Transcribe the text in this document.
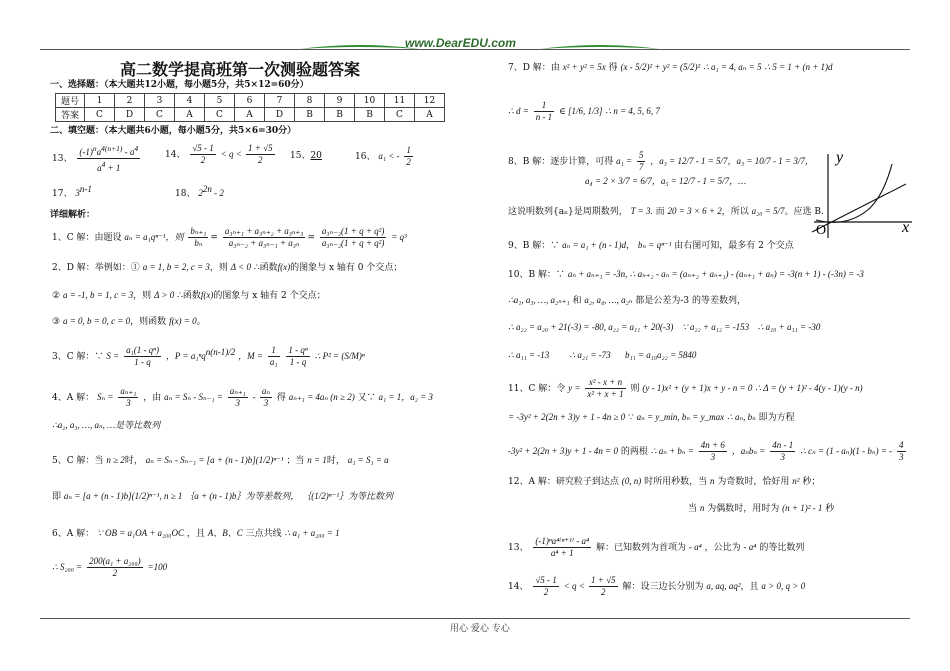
www.DearEDU.com
高二数学提高班第一次测验题答案
一、选择题：（本大题共12小题，每小题5分，共5×12=60分）
题号	1	2	3	4	5	6	7	8	9	10	11	12
答案	C	D	C	A	C	A	D	B	B	B	C	A
二、填空题：（本大题共6小题，每小题5分，共5×6=30分）
13、 $\frac{(-1)^na^{4(n+1)} - a^4}{a^4 + 1}$	14、 $\frac{√5 - 1}{2} < q < \frac{1 + √5}{2} 15$、20	16、 a₁ < - $\frac{1}{2}$
17、 3$^{n-1}$	18、 $2^{2n} - 2$
详细解析：
1、C 解：由题设 aₙ = a₁qⁿ⁻¹，则 $\frac{\text{bₙ₊₁}}{\text{bₙ}} = \frac{\text{a₃ₙ₊₁ + a₃ₙ₊₂ + a₃ₙ₊₃}}{\text{a₃ₙ₋₂ + a₃ₙ₋₁ + a₃ₙ}} = \frac{\text{a₃ₙ₋₂(1 + q + q²)}}{\text{a₃ₙ₋₂(1 + q + q²)}} = q^3$
2、D 解：举例如：① a = 1, b = 2, c = 3，则 Δ < 0 ∴函数f(x)的图象与 x 轴有 0 个交点；
② a = -1, b = 1, c = 3，则 Δ > 0 ∴函数f(x)的图象与 x 轴有 2 个交点；
③ a = 0, b = 0, c = 0，则函数 f(x) = 0。
3、C 解：∵ $S = \frac{\text{a₁(1 - qⁿ)}}{1 - q}$ ，P = a₁ⁿq$^{n(n-1)/2}$ ，$M = \frac{1}{\text{a₁}}$
$\frac{\text{1 - qⁿ}}{1 - q}$ ∴ P² = (S/M)ⁿ
4、A 解： $S_n = \frac{\text{aₙ₊₁}}{3}$ ，由 $a_n = S_n - S_{n-1} = \frac{\text{aₙ₊₁}}{3} - \frac{\text{aₙ}}{3}$ 得 aₙ₊₁ = 4aₙ (n ≥ 2) 又∵ a₁ = 1，a₂ = 3
∴a₂, a₃, …, aₙ, …是等比数列
5、C 解：当 n ≥ 2时， aₙ = Sₙ - Sₙ₋₁ = [a + (n - 1)b](1/2)ⁿ⁻¹ ；当 n = 1时， a₁ = S₁ = a
即 aₙ = [a + (n - 1)b](1/2)ⁿ⁻¹, n ≥ 1 ｛a + (n - 1)b｝为等差数列， ｛(1/2)ⁿ⁻¹｝为等比数列
6、A 解： ∵ OB = a₁OA + a₂₀₀OC ，且 A、B、C 三点共线 ∴ a₁ + a₂₀₀ = 1
∴ $S_{200} = \frac{\text{200(a₁ + a₂₀₀)}}{2} =100$
7、D 解：由 x² + y² = 5x 得 (x - 5/2)² + y² = (5/2)² ∴ a₁ = 4, aₙ = 5 ∴ 5 = 1 + (n + 1)d
∴ $d = \frac{1}{n - 1}$ ∈ [1/6, 1/3] ∴ n = 4, 5, 6, 7
8、B 解：逐步计算，可得 $a_1 = \frac{5}{7}$ ，a₃ = 12/7 - 1 = 5/7，a₃ = 10/7 - 1 = 3/7，
a₄ = 2 × 3/7 = 6/7，a₅ = 12/7 - 1 = 5/7，…
这说明数列{aₙ}是周期数列， T = 3. 而 20 = 3 × 6 + 2，所以 a₂₀ = 5/7。应选 B.
y
x
O
9、B 解：∵ aₙ = a₁ + (n - 1)d， bₙ = qⁿ⁻¹ 由右图可知，最多有 2 个交点
10、B 解：∵ aₙ + aₙ₊₁ = -3n, ∴ aₙ₊₂ - aₙ = (aₙ₊₂ + aₙ₊₁) - (aₙ₊₁ + aₙ) = -3(n + 1) - (-3n) = -3
∴a₁, a₃, …, a₂ₙ₊₁ 和 a₂, a₄, …, a₂ₙ 都是公差为-3 的等差数列，
∴ a₂₂ = a₂₀ + 21(-3) = -80, a₂₂ = a₁₁ + 20(-3) ∵ a₂₂ + a₁₂ = -153 ∴ a₁₀ + a₁₁ = -30
∴ a₁₁ = -13 ∴ a₂₁ = -73 b₁₁ = a₁₀a₂₂ = 5840
11、C 解：令 $y = \frac{\text{x² - x + n}}{\text{x² + x + 1}}$ 则 (y - 1)x² + (y + 1)x + y - n = 0 ∴ Δ = (y + 1)² - 4(y - 1)(y - n)
= -3y² + 2(2n + 3)y + 1 - 4n ≥ 0 ∵ aₙ = y_min, bₙ = y_max ∴ aₙ, bₙ 即为方程
-3y² + 2(2n + 3)y + 1 - 4n = 0 的两根 ∴ $a_n + b_n = \frac{4n + 6}{3}$ ，$a_nb_n = \frac{4n - 1}{3}$ ∴ cₙ = (1 - aₙ)(1 - bₙ) = - $\frac{4}{3}$
12、A 解：研究粒子到达点 (0, n) 时所用秒数，当 n 为奇数时，恰好用 n² 秒；
当 n 为偶数时，用时为 (n + 1)² - 1 秒
13、 $\frac{\text{(-1)ⁿa⁴⁽ⁿ⁺¹⁾ - a⁴}}{\text{a⁴ + 1}}$ 解：已知数列为首项为 - a⁴ ，公比为 - a⁴ 的等比数列
14、 $\frac{√5 - 1}{2} < q < \frac{1 + √5}{2}$ 解：设三边长分别为 a, aq, aq²，且 a > 0, q > 0
用心 爱心 专心
